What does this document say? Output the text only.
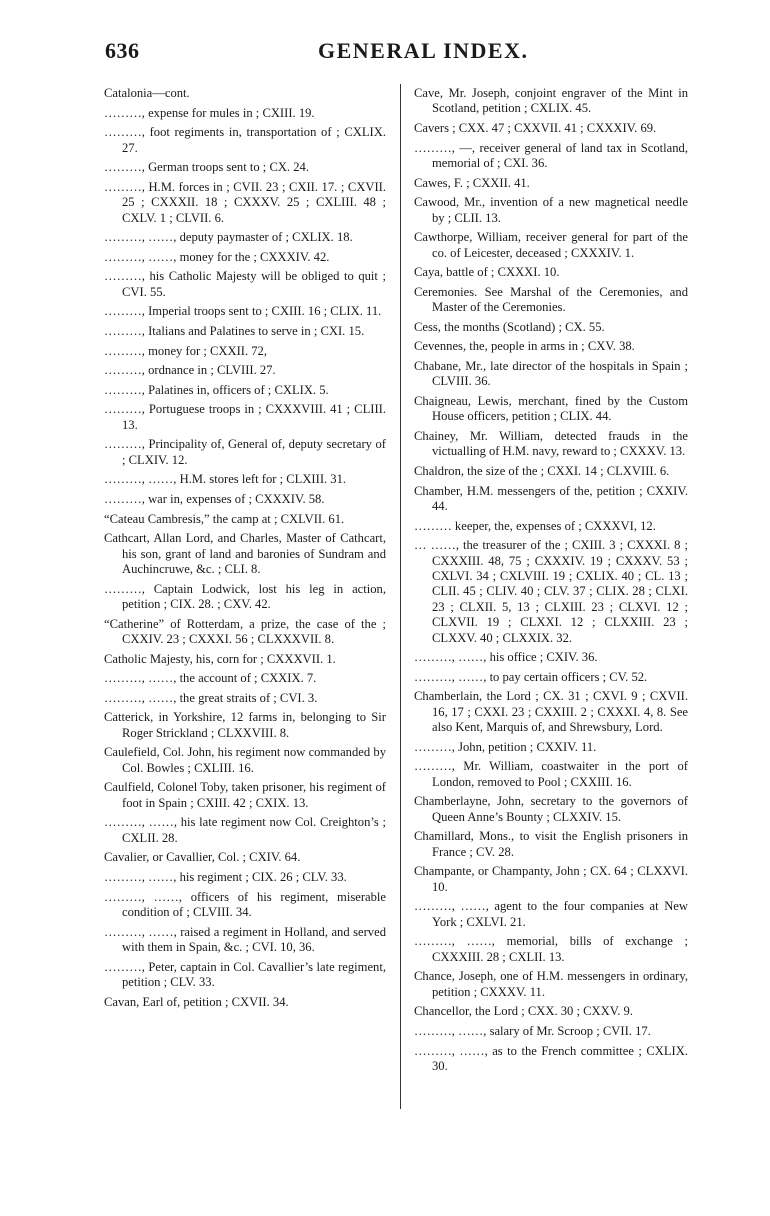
636	GENERAL INDEX.

Catalonia—cont.

………, expense for mules in ; CXIII. 19.

………, foot regiments in, transportation of ; CXLIX. 27.

………, German troops sent to ; CX. 24.

………, H.M. forces in ; CVII. 23 ; CXII. 17. ; CXVII. 25 ; CXXXII. 18 ; CXXXV. 25 ; CXLIII. 48 ; CXLV. 1 ; CLVII. 6.

………, ……, deputy paymaster of ; CXLIX. 18.

………, ……, money for the ; CXXXIV. 42.

………, his Catholic Majesty will be obliged to quit ; CVI. 55.

………, Imperial troops sent to ; CXIII. 16 ; CLIX. 11.

………, Italians and Palatines to serve in ; CXI. 15.

………, money for ; CXXII. 72,

………, ordnance in ; CLVIII. 27.

………, Palatines in, officers of ; CXLIX. 5.

………, Portuguese troops in ; CXXXVIII. 41 ; CLIII. 13.

………, Principality of, General of, deputy secretary of ; CLXIV. 12.

………, ……, H.M. stores left for ; CLXIII. 31.

………, war in, expenses of ; CXXXIV. 58.

“Cateau Cambresis,” the camp at ; CXLVII. 61.

Cathcart, Allan Lord, and Charles, Master of Cathcart, his son, grant of land and baronies of Sundram and Auchincruwe, &c. ; CLI. 8.

………, Captain Lodwick, lost his leg in action, petition ; CIX. 28. ; CXV. 42.

“Catherine” of Rotterdam, a prize, the case of the ; CXXIV. 23 ; CXXXI. 56 ; CLXXXVII. 8.

Catholic Majesty, his, corn for ; CXXXVII. 1.

………, ……, the account of ; CXXIX. 7.

………, ……, the great straits of ; CVI. 3.

Catterick, in Yorkshire, 12 farms in, belonging to Sir Roger Strickland ; CLXXVIII. 8.

Caulefield, Col. John, his regiment now commanded by Col. Bowles ; CXLIII. 16.

Caulfield, Colonel Toby, taken prisoner, his regiment of foot in Spain ; CXIII. 42 ; CXIX. 13.

………, ……, his late regiment now Col. Creighton’s ; CXLII. 28.

Cavalier, or Cavallier, Col. ; CXIV. 64.

………, ……, his regiment ; CIX. 26 ; CLV. 33.

………, ……, officers of his regiment, miserable condition of ; CLVIII. 34.

………, ……, raised a regiment in Holland, and served with them in Spain, &c. ; CVI. 10, 36.

………, Peter, captain in Col. Cavallier’s late regiment, petition ; CLV. 33.

Cavan, Earl of, petition ; CXVII. 34.

Cave, Mr. Joseph, conjoint engraver of the Mint in Scotland, petition ; CXLIX. 45.

Cavers ; CXX. 47 ; CXXVII. 41 ; CXXXIV. 69.

………, —, receiver general of land tax in Scotland, memorial of ; CXI. 36.

Cawes, F. ; CXXII. 41.

Cawood, Mr., invention of a new magnetical needle by ; CLII. 13.

Cawthorpe, William, receiver general for part of the co. of Leicester, deceased ; CXXXIV. 1.

Caya, battle of ; CXXXI. 10.

Ceremonies. See Marshal of the Ceremonies, and Master of the Ceremonies.

Cess, the months (Scotland) ; CX. 55.

Cevennes, the, people in arms in ; CXV. 38.

Chabane, Mr., late director of the hospitals in Spain ; CLVIII. 36.

Chaigneau, Lewis, merchant, fined by the Custom House officers, petition ; CLIX. 44.

Chainey, Mr. William, detected frauds in the victualling of H.M. navy, reward to ; CXXXV. 13.

Chaldron, the size of the ; CXXI. 14 ; CLXVIII. 6.

Chamber, H.M. messengers of the, petition ; CXXIV. 44.

……… keeper, the, expenses of ; CXXXVI, 12.

… ……, the treasurer of the ; CXIII. 3 ; CXXXI. 8 ; CXXXIII. 48, 75 ; CXXXIV. 19 ; CXXXV. 53 ; CXLVI. 34 ; CXLVIII. 19 ; CXLIX. 40 ; CL. 13 ; CLII. 45 ; CLIV. 40 ; CLV. 37 ; CLIX. 28 ; CLXI. 23 ; CLXII. 5, 13 ; CLXIII. 23 ; CLXVI. 12 ; CLXVII. 19 ; CLXXI. 12 ; CLXXIII. 23 ; CLXXV. 40 ; CLXXIX. 32.

………, ……, his office ; CXIV. 36.

………, ……, to pay certain officers ; CV. 52.

Chamberlain, the Lord ; CX. 31 ; CXVI. 9 ; CXVII. 16, 17 ; CXXI. 23 ; CXXIII. 2 ; CXXXI. 4, 8. See also Kent, Marquis of, and Shrewsbury, Lord.

………, John, petition ; CXXIV. 11.

………, Mr. William, coastwaiter in the port of London, removed to Pool ; CXXIII. 16.

Chamberlayne, John, secretary to the governors of Queen Anne’s Bounty ; CLXXIV. 15.

Chamillard, Mons., to visit the English prisoners in France ; CV. 28.

Champante, or Champanty, John ; CX. 64 ; CLXXVI. 10.

………, ……, agent to the four companies at New York ; CXLVI. 21.

………, ……, memorial, bills of exchange ; CXXXIII. 28 ; CXLII. 13.

Chance, Joseph, one of H.M. messengers in ordinary, petition ; CXXXV. 11.

Chancellor, the Lord ; CXX. 30 ; CXXV. 9.

………, ……, salary of Mr. Scroop ; CVII. 17.

………, ……, as to the French committee ; CXLIX. 30.
